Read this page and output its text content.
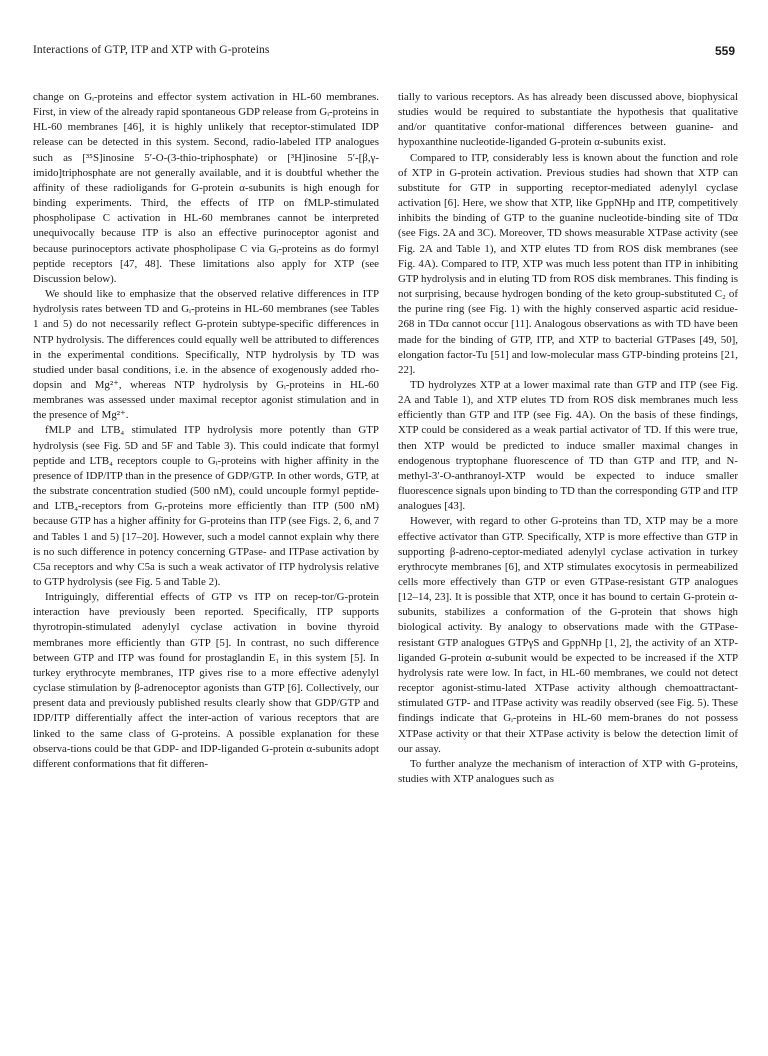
Interactions of GTP, ITP and XTP with G-proteins	559

change on Gᵢ-proteins and effector system activation in HL-60 membranes. First, in view of the already rapid spontaneous GDP release from Gᵢ-proteins in HL-60 membranes [46], it is highly unlikely that receptor-stimulated IDP release can be detected in this system. Second, radio-labeled ITP analogues such as [³⁵S]inosine 5′-O-(3-thio-triphosphate) or [³H]inosine 5′-[β,γ-imido]triphosphate are not generally available, and it is doubtful whether the affinity of these radioligands for G-protein α-subunits is high enough for binding experiments. Third, the effects of ITP on fMLP-stimulated phospholipase C activation in HL-60 membranes cannot be interpreted unequivocally because ITP is also an effective purinoceptor agonist and because purinoceptors activate phospholipase C via Gᵢ-proteins as do formyl peptide receptors [47, 48]. These limitations also apply for XTP (see Discussion below).

We should like to emphasize that the observed relative differences in ITP hydrolysis rates between TD and Gᵢ-proteins in HL-60 membranes (see Tables 1 and 5) do not necessarily reflect G-protein subtype-specific differences in NTP hydrolysis. The differences could equally well be attributed to differences in the experimental conditions. Specifically, NTP hydrolysis by TD was studied under basal conditions, i.e. in the absence of exogenously added rho-dopsin and Mg²⁺, whereas NTP hydrolysis by Gᵢ-proteins in HL-60 membranes was assessed under maximal receptor agonist stimulation and in the presence of Mg²⁺.

fMLP and LTB₄ stimulated ITP hydrolysis more potently than GTP hydrolysis (see Fig. 5D and 5F and Table 3). This could indicate that formyl peptide and LTB₄ receptors couple to Gᵢ-proteins with higher affinity in the presence of IDP/ITP than in the presence of GDP/GTP. In other words, GTP, at the substrate concentration studied (500 nM), could uncouple formyl peptide- and LTB₄-receptors from Gᵢ-proteins more efficiently than ITP (500 nM) because GTP has a higher affinity for G-proteins than ITP (see Figs. 2, 6, and 7 and Tables 1 and 5) [17–20]. However, such a model cannot explain why there is no such difference in potency concerning GTPase- and ITPase activation by C5a receptors and why C5a is such a weak activator of ITP hydrolysis relative to GTP hydrolysis (see Fig. 5 and Table 2).

Intriguingly, differential effects of GTP vs ITP on recep-tor/G-protein interaction have previously been reported. Specifically, ITP supports thyrotropin-stimulated adenylyl cyclase activation in bovine thyroid membranes more efficiently than GTP [5]. In contrast, no such difference between GTP and ITP was found for prostaglandin E₁ in this system [5]. In turkey erythrocyte membranes, ITP gives rise to a more effective adenylyl cyclase stimulation by β-adrenoceptor agonists than GTP [6]. Collectively, our present data and previously published results clearly show that GDP/GTP and IDP/ITP differentially affect the inter-action of various receptors that are linked to the same class of G-proteins. A possible explanation for these observa-tions could be that GDP- and IDP-liganded G-protein α-subunits adopt different conformations that fit differen-

tially to various receptors. As has already been discussed above, biophysical studies would be required to substantiate the hypothesis that qualitative and/or quantitative confor-mational differences between guanine- and hypoxanthine nucleotide-liganded G-protein α-subunits exist.

Compared to ITP, considerably less is known about the function and role of XTP in G-protein activation. Previous studies had shown that XTP can substitute for GTP in supporting receptor-mediated adenylyl cyclase activation [6]. Here, we show that XTP, like GppNHp and ITP, competitively inhibits the binding of GTP to the guanine nucleotide-binding site of TDα (see Figs. 2A and 3C). Moreover, TD shows measurable XTPase activity (see Fig. 2A and Table 1), and XTP elutes TD from ROS disk membranes (see Fig. 4A). Compared to ITP, XTP was much less potent than ITP in inhibiting GTP hydrolysis and in eluting TD from ROS disk membranes. This finding is not surprising, because hydrogen bonding of the keto group-substituted C₂ of the purine ring (see Fig. 1) with the highly conserved aspartic acid residue-268 in TDα cannot occur [11]. Analogous observations as with TD have been made for the binding of GTP, ITP, and XTP to bacterial GTPases [49, 50], elongation factor-Tu [51] and low-molecular mass GTP-binding proteins [21, 22].

TD hydrolyzes XTP at a lower maximal rate than GTP and ITP (see Fig. 2A and Table 1), and XTP elutes TD from ROS disk membranes much less efficiently than GTP and ITP (see Fig. 4A). On the basis of these findings, XTP could be considered as a weak partial activator of TD. If this were true, then XTP would be predicted to induce smaller maximal changes in endogenous tryptophane fluorescence of TD than GTP and ITP, and N-methyl-3′-O-anthranoyl-XTP would be expected to induce smaller fluorescence signals upon binding to TD than the corresponding GTP and ITP analogues [43].

However, with regard to other G-proteins than TD, XTP may be a more effective activator than GTP. Specifically, XTP is more effective than GTP in supporting β-adreno-ceptor-mediated adenylyl cyclase activation in turkey erythrocyte membranes [6], and XTP stimulates exocytosis in permeabilized cells more effectively than GTP or even GTPase-resistant GTP analogues [12–14, 23]. It is possible that XTP, once it has bound to certain G-protein α-subunits, stabilizes a conformation of the G-protein that shows high biological activity. By analogy to observations made with the GTPase-resistant GTP analogues GTPγS and GppNHp [1, 2], the activity of an XTP-liganded G-protein α-subunit would be expected to be increased if the XTP hydrolysis rate were low. In fact, in HL-60 membranes, we could not detect receptor agonist-stimu-lated XTPase activity although chemoattractant-stimulated GTP- and ITPase activity was readily observed (see Fig. 5). These findings indicate that Gᵢ-proteins in HL-60 mem-branes do not possess XTPase activity or that their XTPase activity is below the detection limit of our assay.

To further analyze the mechanism of interaction of XTP with G-proteins, studies with XTP analogues such as
